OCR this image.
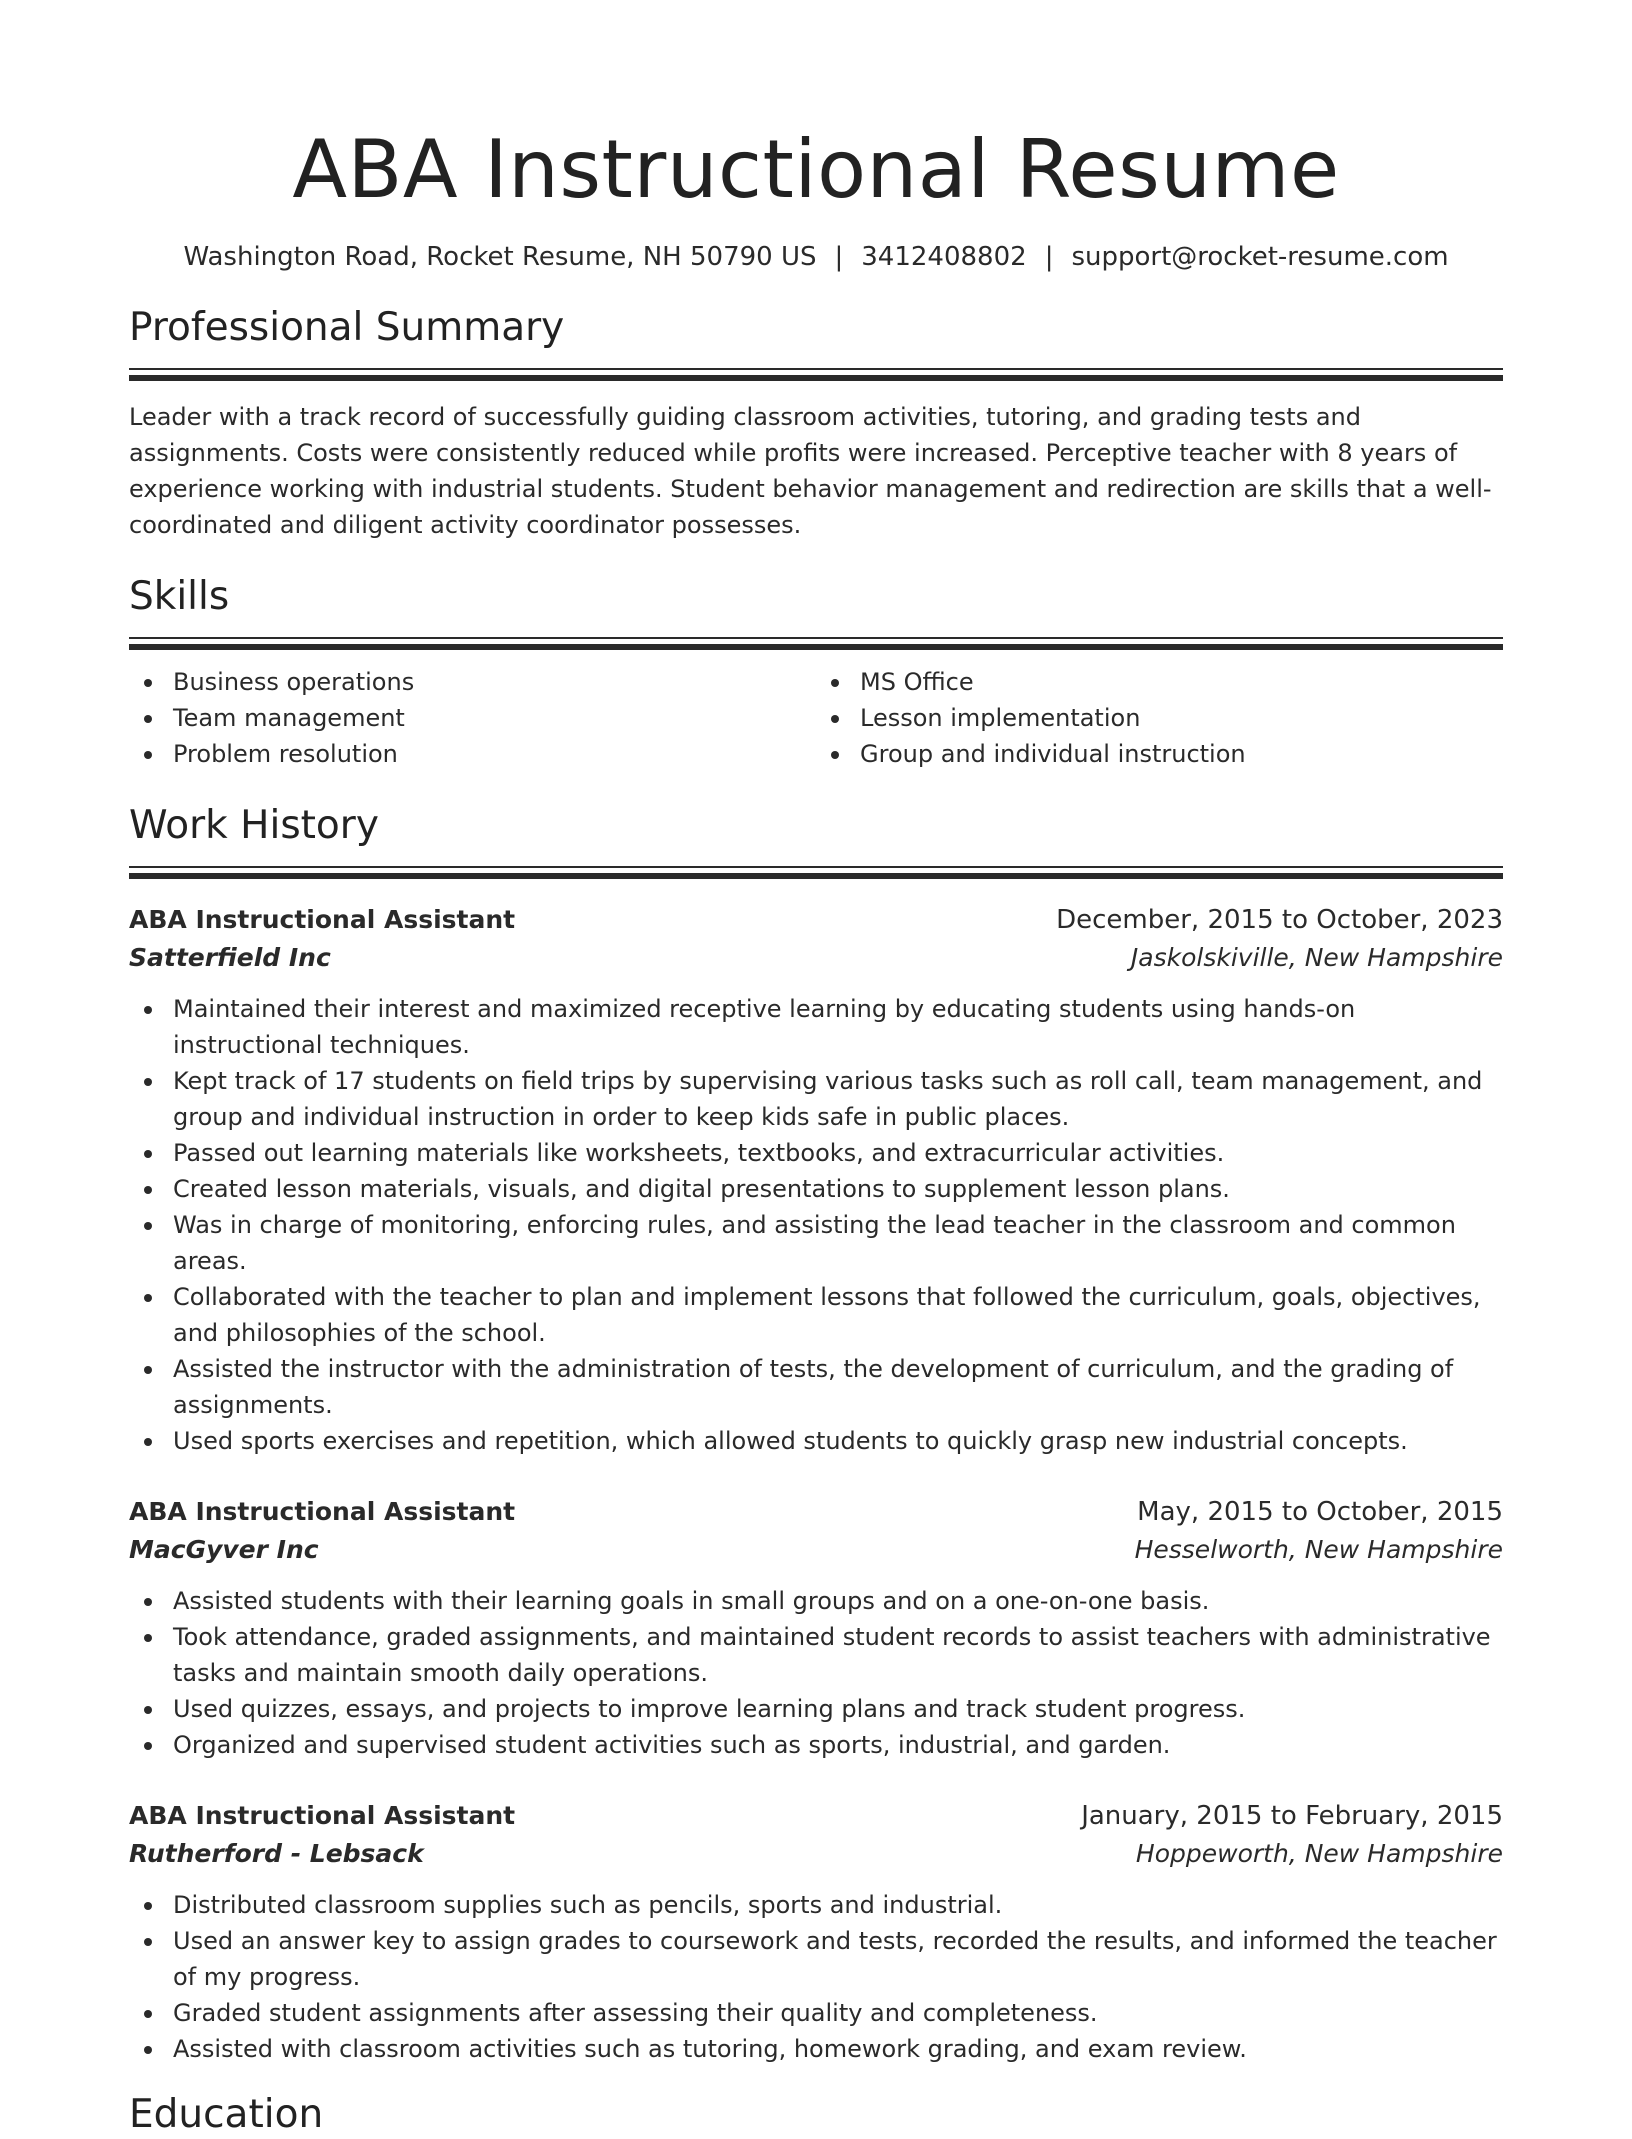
ABA Instructional Resume
Washington Road, Rocket Resume, NH 50790 US | 3412408802 | support@rocket-resume.com
Professional Summary

Leader with a track record of successfully guiding classroom activities, tutoring, and grading tests and assignments. Costs were consistently reduced while profits were increased. Perceptive teacher with 8 years of experience working with industrial students. Student behavior management and redirection are skills that a well-coordinated and diligent activity coordinator possesses.

Skills
Business operations
Team management
Problem resolution
MS Office
Lesson implementation
Group and individual instruction
Work History
ABA Instructional Assistant	December, 2015 to October, 2023
Satterfield Inc	Jaskolskiville, New Hampshire
Maintained their interest and maximized receptive learning by educating students using hands-on instructional techniques.
Kept track of 17 students on field trips by supervising various tasks such as roll call, team management, and group and individual instruction in order to keep kids safe in public places.
Passed out learning materials like worksheets, textbooks, and extracurricular activities.
Created lesson materials, visuals, and digital presentations to supplement lesson plans.
Was in charge of monitoring, enforcing rules, and assisting the lead teacher in the classroom and common areas.
Collaborated with the teacher to plan and implement lessons that followed the curriculum, goals, objectives, and philosophies of the school.
Assisted the instructor with the administration of tests, the development of curriculum, and the grading of assignments.
Used sports exercises and repetition, which allowed students to quickly grasp new industrial concepts.
ABA Instructional Assistant	May, 2015 to October, 2015
MacGyver Inc	Hesselworth, New Hampshire
Assisted students with their learning goals in small groups and on a one-on-one basis.
Took attendance, graded assignments, and maintained student records to assist teachers with administrative tasks and maintain smooth daily operations.
Used quizzes, essays, and projects to improve learning plans and track student progress.
Organized and supervised student activities such as sports, industrial, and garden.
ABA Instructional Assistant	January, 2015 to February, 2015
Rutherford - Lebsack	Hoppeworth, New Hampshire
Distributed classroom supplies such as pencils, sports and industrial.
Used an answer key to assign grades to coursework and tests, recorded the results, and informed the teacher of my progress.
Graded student assignments after assessing their quality and completeness.
Assisted with classroom activities such as tutoring, homework grading, and exam review.
Education
